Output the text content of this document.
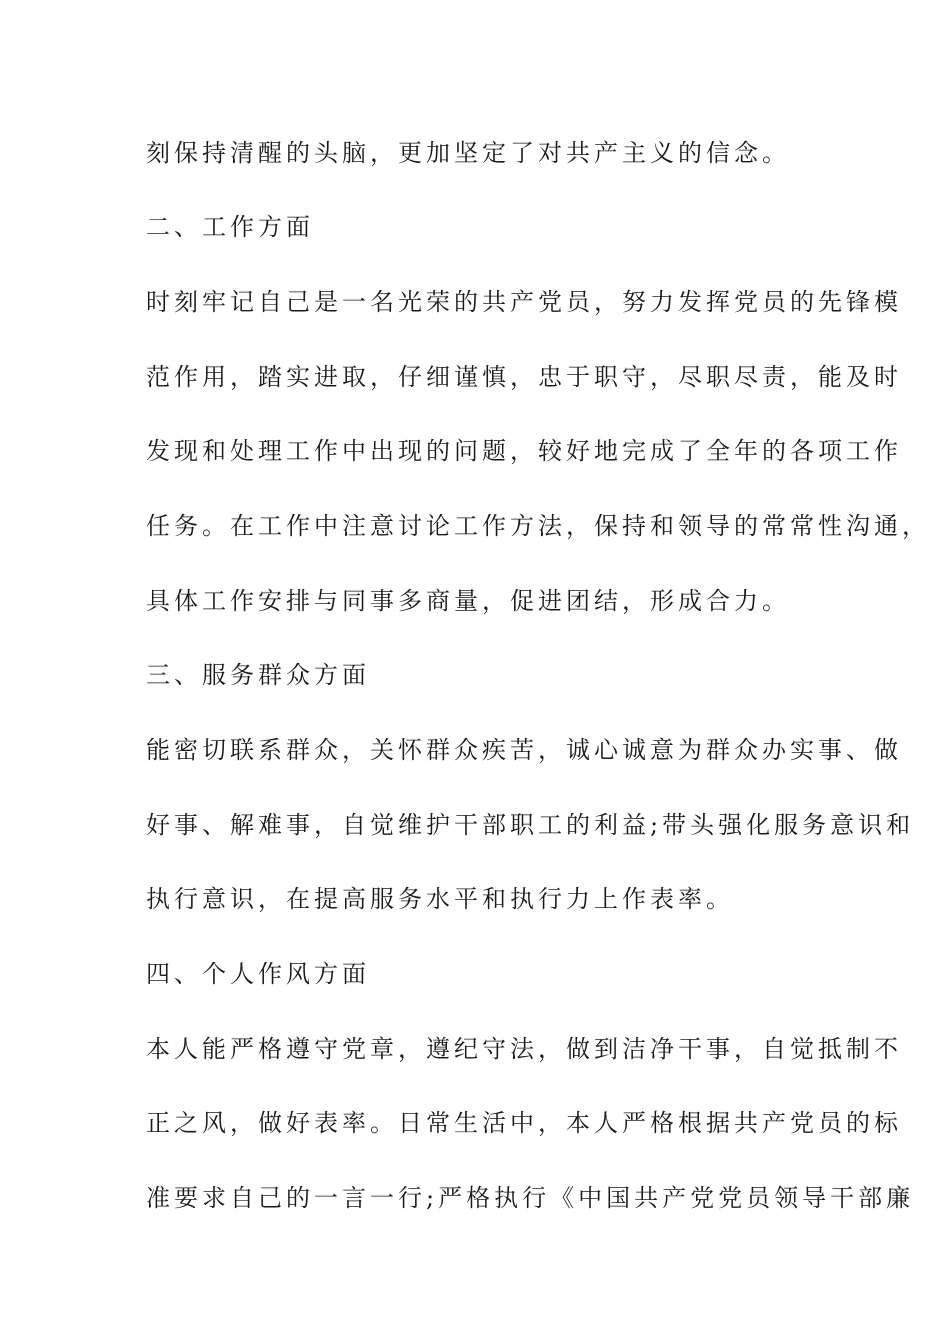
刻保持清醒的头脑，更加坚定了对共产主义的信念。
二、工作方面
时刻牢记自己是一名光荣的共产党员，努力发挥党员的先锋模
范作用，踏实进取，仔细谨慎，忠于职守，尽职尽责，能及时
发现和处理工作中出现的问题，较好地完成了全年的各项工作
任务。在工作中注意讨论工作方法，保持和领导的常常性沟通，
具体工作安排与同事多商量，促进团结，形成合力。
三、服务群众方面
能密切联系群众，关怀群众疾苦，诚心诚意为群众办实事、做
好事、解难事，自觉维护干部职工的利益;带头强化服务意识和
执行意识，在提高服务水平和执行力上作表率。
四、个人作风方面
本人能严格遵守党章，遵纪守法，做到洁净干事，自觉抵制不
正之风，做好表率。日常生活中，本人严格根据共产党员的标
准要求自己的一言一行;严格执行《中国共产党党员领导干部廉
